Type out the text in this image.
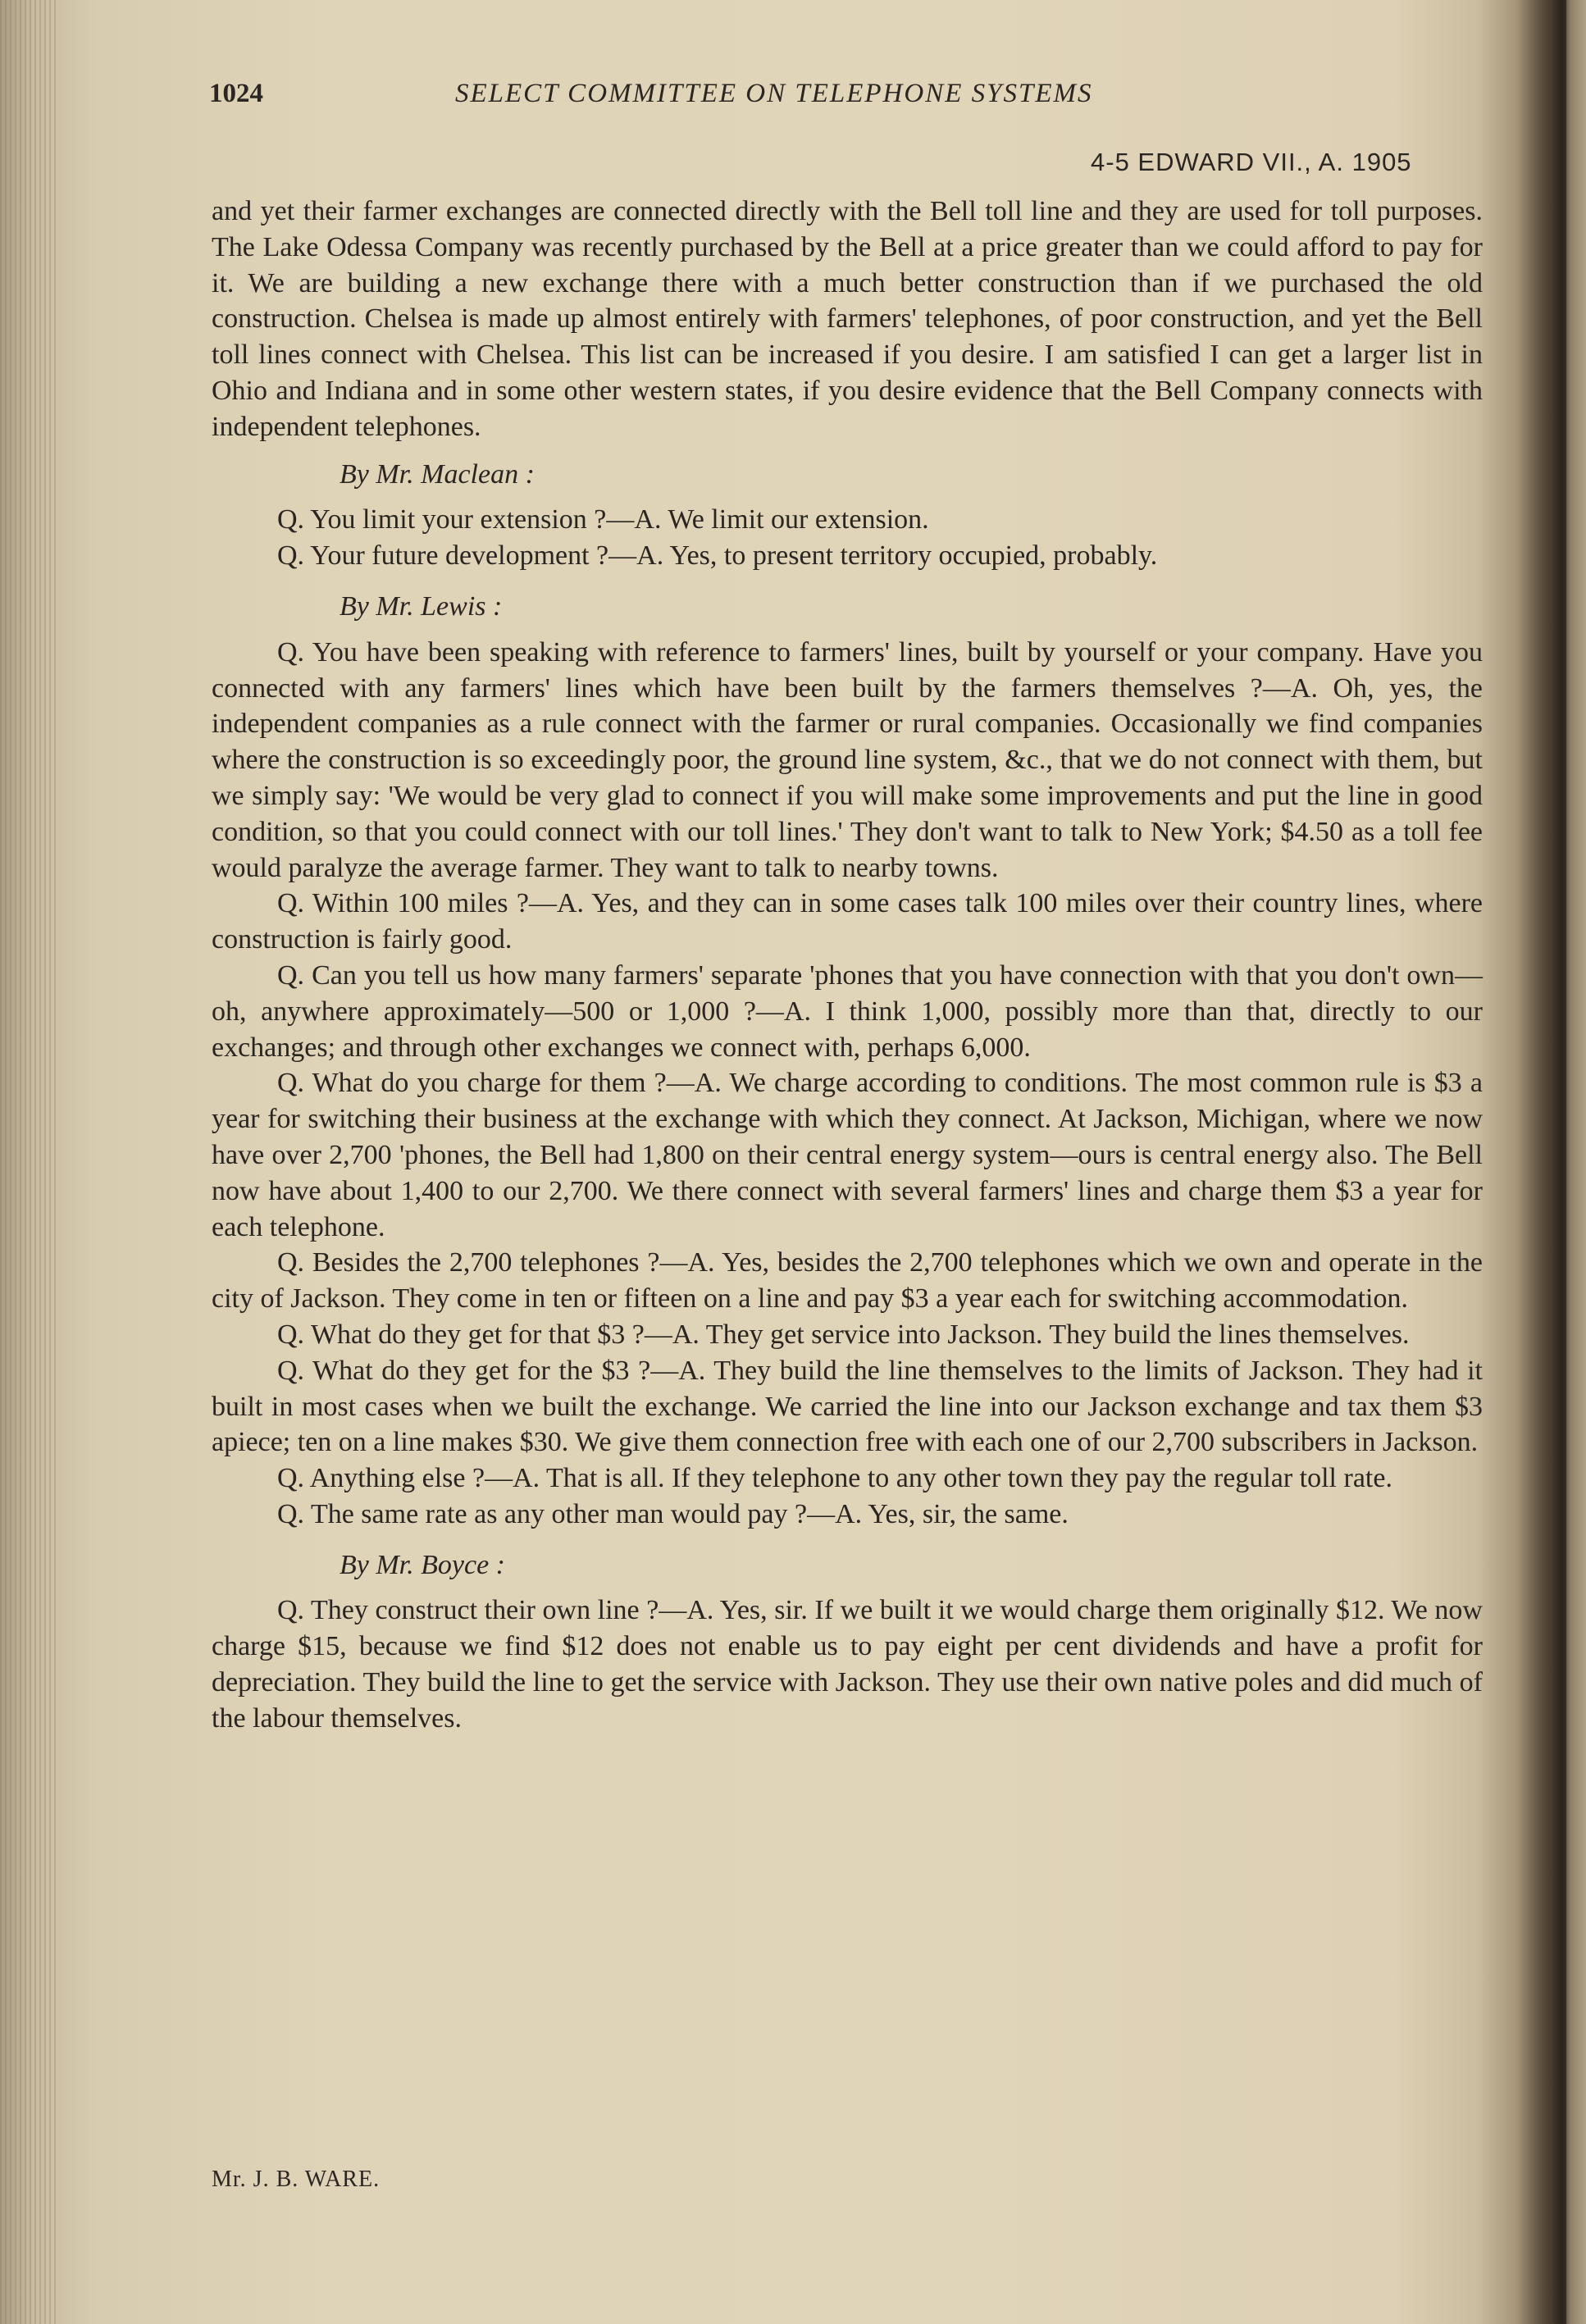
1024	SELECT COMMITTEE ON TELEPHONE SYSTEMS
4-5 EDWARD VII., A. 1905

and yet their farmer exchanges are connected directly with the Bell toll line and they are used for toll purposes. The Lake Odessa Company was recently purchased by the Bell at a price greater than we could afford to pay for it. We are building a new exchange there with a much better construction than if we purchased the old construction. Chelsea is made up almost entirely with farmers' telephones, of poor construction, and yet the Bell toll lines connect with Chelsea. This list can be increased if you desire. I am satisfied I can get a larger list in Ohio and Indiana and in some other western states, if you desire evidence that the Bell Company connects with independent telephones.

By Mr. Maclean :

Q. You limit your extension ?—A. We limit our extension.

Q. Your future development ?—A. Yes, to present territory occupied, probably.

By Mr. Lewis :

Q. You have been speaking with reference to farmers' lines, built by yourself or your company. Have you connected with any farmers' lines which have been built by the farmers themselves ?—A. Oh, yes, the independent companies as a rule connect with the farmer or rural companies. Occasionally we find companies where the construction is so exceedingly poor, the ground line system, &c., that we do not connect with them, but we simply say: 'We would be very glad to connect if you will make some improvements and put the line in good condition, so that you could connect with our toll lines.' They don't want to talk to New York; $4.50 as a toll fee would paralyze the average farmer. They want to talk to nearby towns.

Q. Within 100 miles ?—A. Yes, and they can in some cases talk 100 miles over their country lines, where construction is fairly good.

Q. Can you tell us how many farmers' separate 'phones that you have connection with that you don't own—oh, anywhere approximately—500 or 1,000 ?—A. I think 1,000, possibly more than that, directly to our exchanges; and through other exchanges we connect with, perhaps 6,000.

Q. What do you charge for them ?—A. We charge according to conditions. The most common rule is $3 a year for switching their business at the exchange with which they connect. At Jackson, Michigan, where we now have over 2,700 'phones, the Bell had 1,800 on their central energy system—ours is central energy also. The Bell now have about 1,400 to our 2,700. We there connect with several farmers' lines and charge them $3 a year for each telephone.

Q. Besides the 2,700 telephones ?—A. Yes, besides the 2,700 telephones which we own and operate in the city of Jackson. They come in ten or fifteen on a line and pay $3 a year each for switching accommodation.

Q. What do they get for that $3 ?—A. They get service into Jackson. They build the lines themselves.

Q. What do they get for the $3 ?—A. They build the line themselves to the limits of Jackson. They had it built in most cases when we built the exchange. We carried the line into our Jackson exchange and tax them $3 apiece; ten on a line makes $30. We give them connection free with each one of our 2,700 subscribers in Jackson.

Q. Anything else ?—A. That is all. If they telephone to any other town they pay the regular toll rate.

Q. The same rate as any other man would pay ?—A. Yes, sir, the same.

By Mr. Boyce :

Q. They construct their own line ?—A. Yes, sir. If we built it we would charge them originally $12. We now charge $15, because we find $12 does not enable us to pay eight per cent dividends and have a profit for depreciation. They build the line to get the service with Jackson. They use their own native poles and did much of the labour themselves.

Mr. J. B. WARE.
